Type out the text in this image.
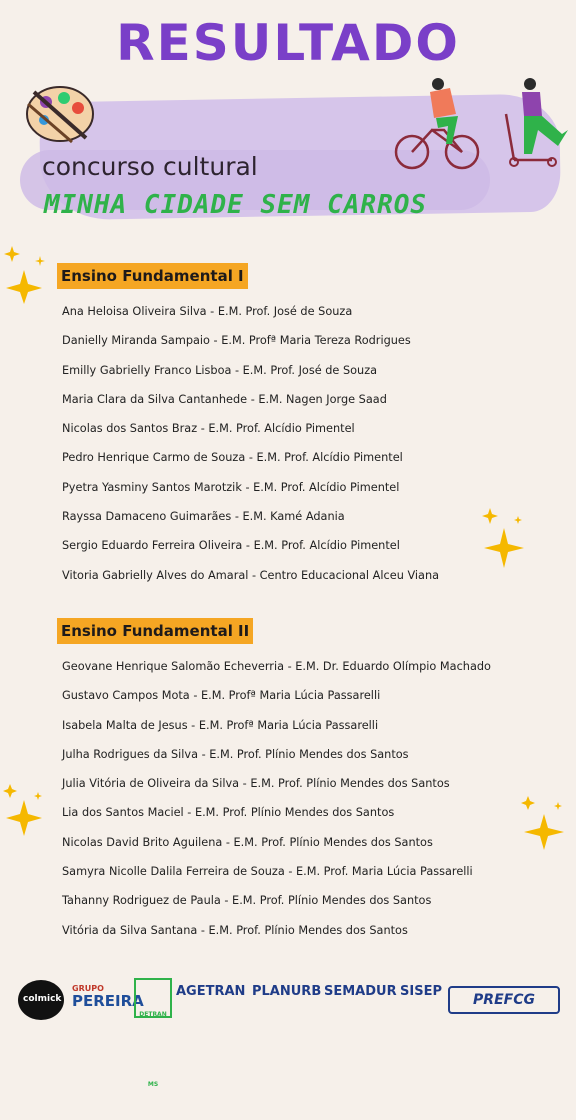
RESULTADO
concurso cultural
MINHA CIDADE SEM CARROS
Ensino Fundamental I
Ana Heloisa Oliveira Silva - E.M. Prof. José de Souza
Danielly Miranda Sampaio - E.M. Profª Maria Tereza Rodrigues
Emilly Gabrielly Franco Lisboa - E.M. Prof. José de Souza
Maria Clara da Silva Cantanhede - E.M. Nagen Jorge Saad
Nicolas dos Santos Braz - E.M. Prof. Alcídio Pimentel
Pedro Henrique Carmo de Souza - E.M. Prof. Alcídio Pimentel
Pyetra Yasminy Santos Marotzik - E.M. Prof. Alcídio Pimentel
Rayssa Damaceno Guimarães - E.M. Kamé Adania
Sergio Eduardo Ferreira Oliveira - E.M. Prof. Alcídio Pimentel
Vitoria Gabrielly Alves do Amaral - Centro Educacional Alceu Viana
Ensino Fundamental II
Geovane Henrique Salomão Echeverria - E.M. Dr. Eduardo Olímpio Machado
Gustavo Campos Mota - E.M. Profª Maria Lúcia Passarelli
Isabela Malta de Jesus - E.M. Profª Maria Lúcia Passarelli
Julha Rodrigues da Silva - E.M. Prof. Plínio Mendes dos Santos
Julia Vitória de Oliveira da Silva - E.M. Prof. Plínio Mendes dos Santos
Lia dos Santos Maciel - E.M. Prof. Plínio Mendes dos Santos
Nicolas David Brito Aguilena - E.M. Prof. Plínio Mendes dos Santos
Samyra Nicolle Dalila Ferreira de Souza - E.M. Prof. Maria Lúcia Passarelli
Tahanny Rodriguez de Paula - E.M. Prof. Plínio Mendes dos Santos
Vitória da Silva Santana - E.M. Prof. Plínio Mendes dos Santos
colmick
GRUPO
PEREIRA
DETRAN MS
AGETRAN PLANURB SEMADUR SISEP
PREFCG
